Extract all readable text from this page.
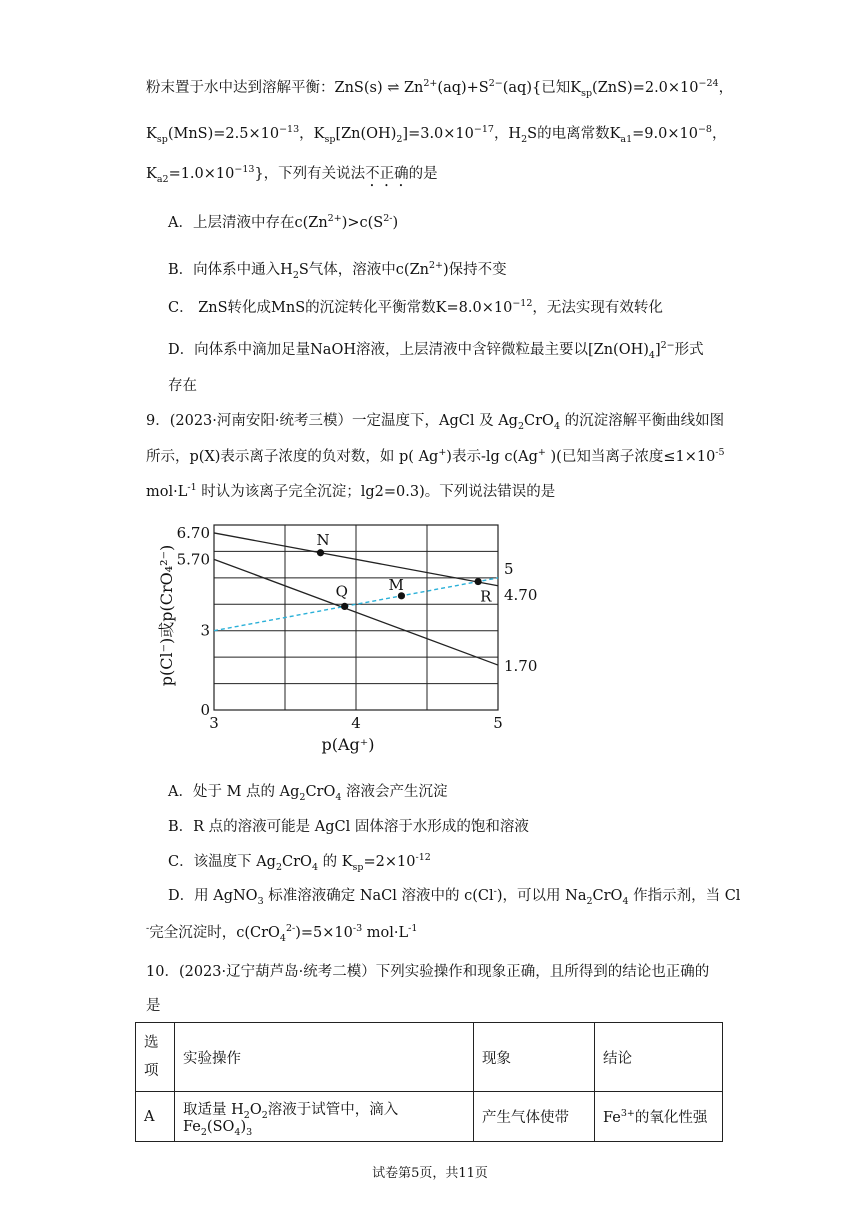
粉末置于水中达到溶解平衡：ZnS(s) ⇌ $Zn^{2+}(aq)+S^{2-}(aq)${已知$K_{sp}(ZnS)=2.0\times 10^{-24}$，
$K_{sp}(MnS)=2.5\times 10^{-13}$，$K_{sp}[Zn(OH)_2]=3.0\times 10^{-17}$，$H_2S$的电离常数$K_{a1}=9.0\times 10^{-8}$，
$K_{a2}=1.0\times 10^{-13}$}，下列有关说法不正确的是
A．上层清液中存在$c(Zn^{2+})>c(S^{2-})$
B．向体系中通入$H_2S$气体，溶液中$c(Zn^{2+})$保持不变
C． ZnS转化成MnS的沉淀转化平衡常数$K=8.0\times 10^{-12}$，无法实现有效转化
D．向体系中滴加足量NaOH溶液，上层清液中含锌微粒最主要以$[Zn(OH)_4]^{2-}$形式
存在
9．(2023·河南安阳·统考三模）一定温度下，AgCl 及 $Ag_2CrO_4$ 的沉淀溶解平衡曲线如图
所示，p(X)表示离子浓度的负对数，如 p( Ag+)表示-lg c(Ag+ )(已知当离子浓度$\le 1\times 10^{-5}$
$mol\cdot L^{-1}$ 时认为该离子完全沉淀；lg2=0.3)。下列说法错误的是
N
Q	M
R
3	4	5
0
3
5.70
6.70
5
4.70
1.70
p(Ag⁺)
p(Cl⁻)或p(CrO₄²⁻)
A．处于 M 点的 $Ag_2CrO_4$ 溶液会产生沉淀
B．R 点的溶液可能是 AgCl 固体溶于水形成的饱和溶液
C．该温度下 $Ag_2CrO_4$ 的 $K_{sp}=2\times 10^{-12}$
D．用 AgNO$_3$ 标准溶液确定 NaCl 溶液中的 c(Cl-)，可以用 $Na_2CrO_4$ 作指示剂，当 Cl
-完全沉淀时，$c(CrO_4^{2-})=5\times 10^{-3}$ $mol\cdot L^{-1}$
10．(2023·辽宁葫芦岛·统考二模）下列实验操作和现象正确，且所得到的结论也正确的
是
选
项	实验操作	现象	结论
A	取适量 $H_2O_2$溶液于试管中，滴入 $Fe_2(SO_4)_3$	产生气体使带	$Fe^{3+}$的氧化性强
试卷第5页，共11页
